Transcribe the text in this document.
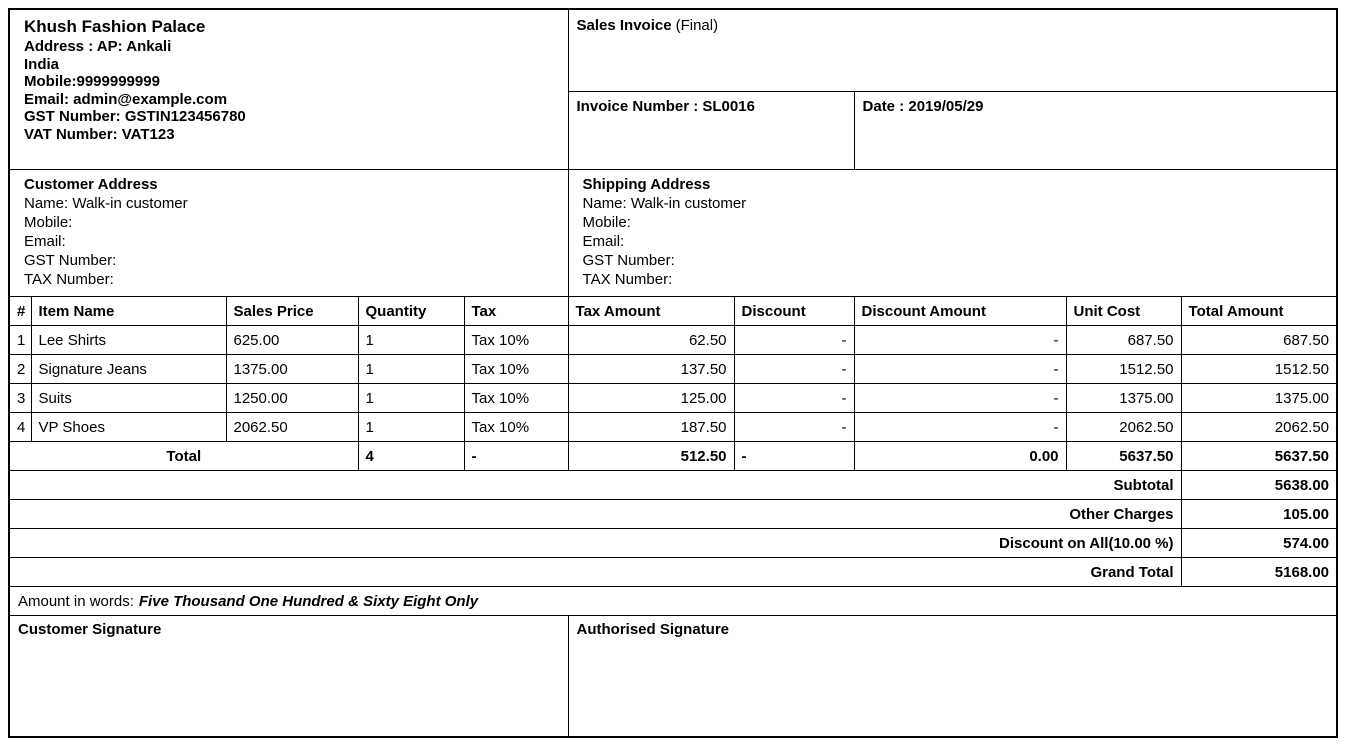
Khush Fashion Palace
Address : AP: Ankali
India
Mobile:9999999999
Email: admin@example.com
GST Number: GSTIN123456780
VAT Number: VAT123
	Sales Invoice (Final)
					Invoice Number : SL0016		Date : 2019/05/29		

Customer Address
Name: Walk-in customer
Mobile:
Email:
GST Number:
TAX Number:

Shipping Address
Name: Walk-in customer
Mobile:
Email:
GST Number:
TAX Number:

#	Item Name	Sales Price	Quantity	Tax	Tax Amount	Discount	Discount Amount	Unit Cost	Total Amount
1	Lee Shirts	625.00	1	Tax 10%	62.50	-	-	687.50	687.50
2	Signature Jeans	1375.00	1	Tax 10%	137.50	-	-	1512.50	1512.50
3	Suits	1250.00	1	Tax 10%	125.00	-	-	1375.00	1375.00
4	VP Shoes	2062.50	1	Tax 10%	187.50	-	-	2062.50	2062.50
Total			4	-	512.50	-	0.00	5637.50	5637.50
Subtotal									5638.00
Other Charges									105.00
Discount on All(10.00 %)									574.00
Grand Total									5168.00
Amount in words: Five Thousand One Hundred & Sixty Eight Only									
Customer Signature					Authorised Signature				
